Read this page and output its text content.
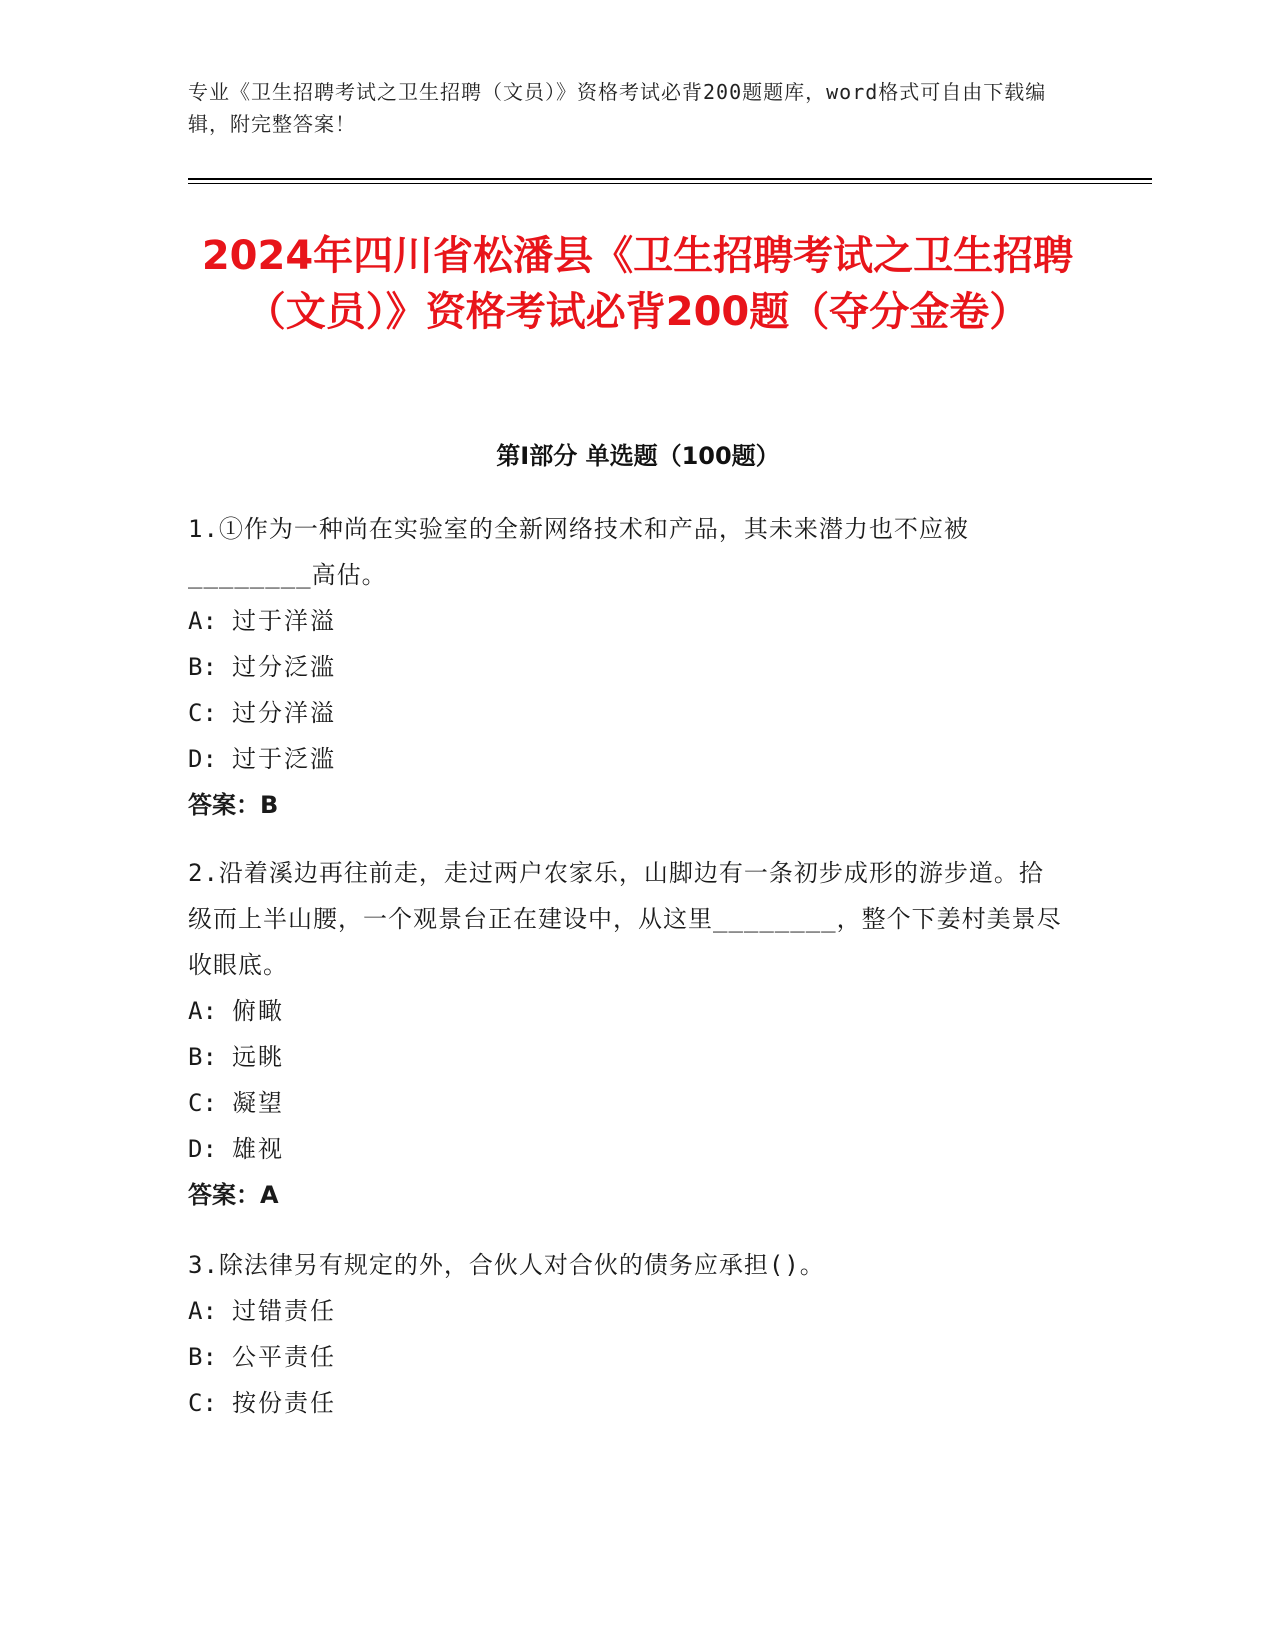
专业《卫生招聘考试之卫生招聘（文员）》资格考试必背200题题库，word格式可自由下载编辑，附完整答案！
2024年四川省松潘县《卫生招聘考试之卫生招聘（文员）》资格考试必背200题（夺分金卷）
第Ⅰ部分 单选题（100题）

1.①作为一种尚在实验室的全新网络技术和产品，其未来潜力也不应被________高估。

A: 过于洋溢
B: 过分泛滥
C: 过分洋溢
D: 过于泛滥

答案：B

2.沿着溪边再往前走，走过两户农家乐，山脚边有一条初步成形的游步道。拾级而上半山腰，一个观景台正在建设中，从这里________，整个下姜村美景尽收眼底。

A: 俯瞰
B: 远眺
C: 凝望
D: 雄视

答案：A

3.除法律另有规定的外，合伙人对合伙的债务应承担()。

A: 过错责任
B: 公平责任
C: 按份责任
